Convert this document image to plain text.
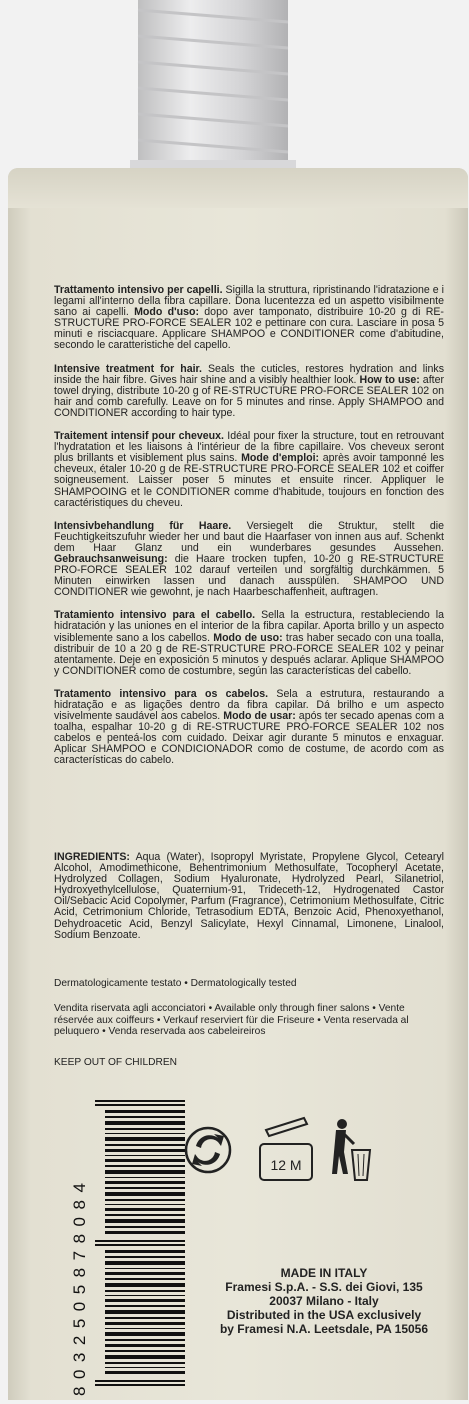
Trattamento intensivo per capelli. Sigilla la struttura, ripristinando l'idratazione e i legami all'interno della fibra capillare. Dona lucentezza ed un aspetto visibilmente sano ai capelli. Modo d'uso: dopo aver tamponato, distribuire 10-20 g di RE-STRUCTURE PRO-FORCE SEALER 102 e pettinare con cura. Lasciare in posa 5 minuti e risciacquare. Applicare SHAMPOO e CONDITIONER come d'abitudine, secondo le caratteristiche del capello.

Intensive treatment for hair. Seals the cuticles, restores hydration and links inside the hair fibre. Gives hair shine and a visibly healthier look. How to use: after towel drying, distribute 10-20 g of RE-STRUCTURE PRO-FORCE SEALER 102 on hair and comb carefully. Leave on for 5 minutes and rinse. Apply SHAMPOO and CONDITIONER according to hair type.

Traitement intensif pour cheveux. Idéal pour fixer la structure, tout en retrouvant l'hydratation et les liaisons à l'intérieur de la fibre capillaire. Vos cheveux seront plus brillants et visiblement plus sains. Mode d'emploi: après avoir tamponné les cheveux, étaler 10-20 g de RE-STRUCTURE PRO-FORCE SEALER 102 et coiffer soigneusement. Laisser poser 5 minutes et ensuite rincer. Appliquer le SHAMPOOING et le CONDITIONER comme d'habitude, toujours en fonction des caractéristiques du cheveu.

Intensivbehandlung für Haare. Versiegelt die Struktur, stellt die Feuchtigkeitszufuhr wieder her und baut die Haarfaser von innen aus auf. Schenkt dem Haar Glanz und ein wunderbares gesundes Aussehen. Gebrauchsanweisung: die Haare trocken tupfen, 10-20 g RE-STRUCTURE PRO-FORCE SEALER 102 darauf verteilen und sorgfältig durchkämmen. 5 Minuten einwirken lassen und danach ausspülen. SHAMPOO UND CONDITIONER wie gewohnt, je nach Haarbeschaffenheit, auftragen.

Tratamiento intensivo para el cabello. Sella la estructura, restableciendo la hidratación y las uniones en el interior de la fibra capilar. Aporta brillo y un aspecto visiblemente sano a los cabellos. Modo de uso: tras haber secado con una toalla, distribuir de 10 a 20 g de RE-STRUCTURE PRO-FORCE SEALER 102 y peinar atentamente. Deje en exposición 5 minutos y después aclarar. Aplique SHAMPOO y CONDITIONER como de costumbre, según las características del cabello.

Tratamento intensivo para os cabelos. Sela a estrutura, restaurando a hidratação e as ligações dentro da fibra capilar. Dá brilho e um aspecto visivelmente saudável aos cabelos. Modo de usar: após ter secado apenas com a toalha, espalhar 10-20 g di RE-STRUCTURE PRO-FORCE SEALER 102 nos cabelos e penteá-los com cuidado. Deixar agir durante 5 minutos e enxaguar. Aplicar SHAMPOO e CONDICIONADOR como de costume, de acordo com as características do cabelo.

INGREDIENTS: Aqua (Water), Isopropyl Myristate, Propylene Glycol, Cetearyl Alcohol, Amodimethicone, Behentrimonium Methosulfate, Tocopheryl Acetate, Hydrolyzed Collagen, Sodium Hyaluronate, Hydrolyzed Pearl, Silanetriol, Hydroxyethylcellulose, Quaternium-91, Trideceth-12, Hydrogenated Castor Oil/Sebacic Acid Copolymer, Parfum (Fragrance), Cetrimonium Methosulfate, Citric Acid, Cetrimonium Chloride, Tetrasodium EDTA, Benzoic Acid, Phenoxyethanol, Dehydroacetic Acid, Benzyl Salicylate, Hexyl Cinnamal, Limonene, Linalool, Sodium Benzoate.

Dermatologicamente testato • Dermatologically tested
Vendita riservata agli acconciatori • Available only through finer salons • Vente réservée aux coiffeurs • Verkauf reserviert für die Friseure • Venta reservada al peluquero • Venda reservada aos cabeleireiros
KEEP OUT OF CHILDREN
8032505878084
12 M
MADE IN ITALY
Framesi S.p.A. - S.S. dei Giovi, 135
20037 Milano - Italy
Distributed in the USA exclusively
by Framesi N.A. Leetsdale, PA 15056
